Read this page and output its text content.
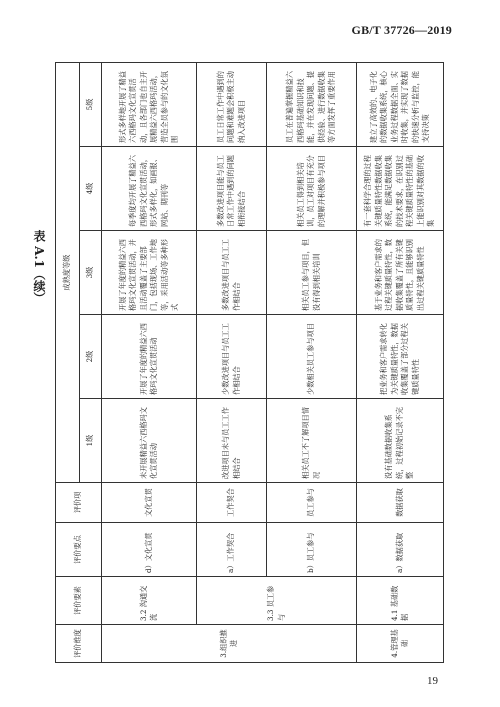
GB/T 37726—2019
表 A.1（续）
评价维度	评价要素	评价要点	评价项	成熟度等级				
				1级	2级	3级	4级	5级
3.组织推进	3.2 沟通交流	d）文化宣贯	文化宣贯	未开展精益六西格玛文化宣贯活动	开展了年度的精益六西格玛文化宣贯活动	开展了年度的精益六西格玛文化宣贯活动，并且活动覆盖了主要部门，包括现场、工作地等，采用活动等多种形式	每季度均开展了精益六西格玛文化宣贯活动，形式多样化，如画报、网站、期刊等	形式多样地开展了精益六西格玛文化宣贯活动，且各部门也自主开展精益六西格玛活动，营造全员参与的文化氛围
	3.3 员工参与	a）工作契合	工作契合	改进项目未与员工工作相结合	少数改进项目与员工工作相结合	多数改进项目与员工工作相结合	多数改进项目能与员工日常工作中遇到的问题相衔接结合	员工日常工作中遇到的问题和难题会积极主动纳入改进项目
		b）员工参与	员工参与	相关员工不了解项目情况	少数相关员工参与项目	相关员工参与项目，但没有得到相关培训	相关员工得到相关培训，员工对项目有充分的理解并积极参与项目	员工在普遍掌握精益六西格玛基础知识和技能，并在发现问题、提供经验、进行数据收集等方面发挥了重要作用
4.管理基础	4.1 基础数据	a）数据获取	数据获取	没有基础数据收集系统，过程初始记录不完整	把业务和客户需求转化为关键质量特性，数据收集覆盖了部分过程关键质量特性	基于业务和客户需求的过程关键质量特性，数据收集覆盖了所有关键质量特性，且能够识别出过程关键质量特性	有一套科学合理的过程关键质量特性数据收集系统，能满足数据收集的技术要求，在识别过程关键质量特性的基础上能识别对其数据的收集	建立了高效的、电子化的数据收集系统，核心业务过程数据全面、实时收集，并实现了数据的快速分析与监控，能支持决策
19
